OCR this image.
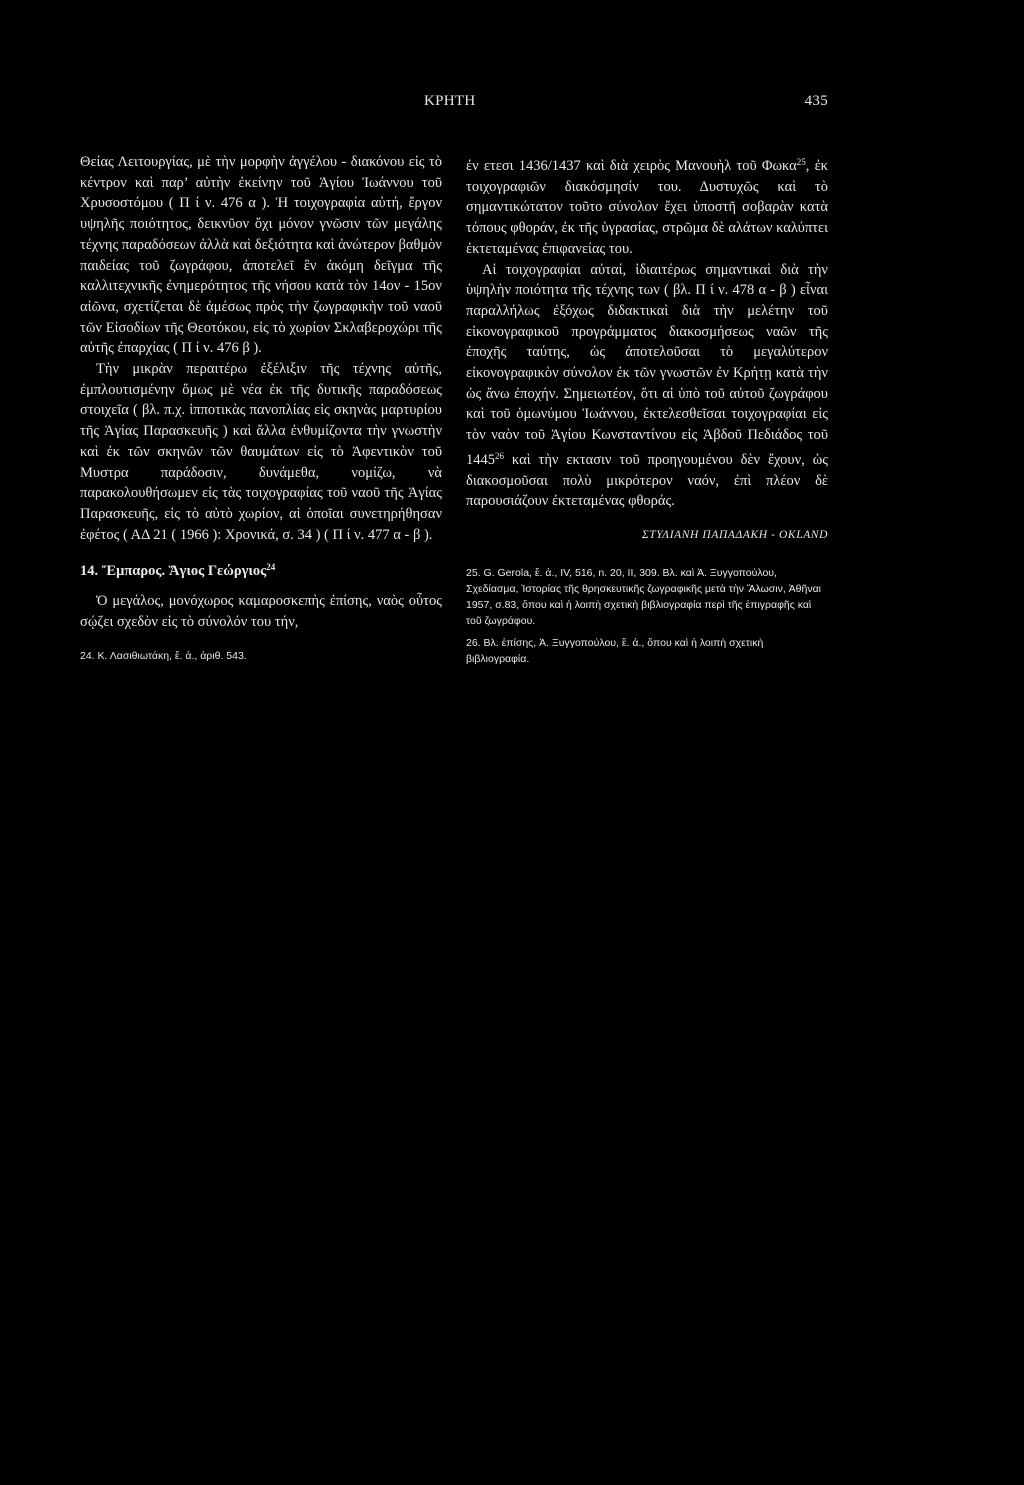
ΚΡΗΤΗ	435

Θείας Λειτουργίας, μὲ τὴν μορφὴν ἀγγέλου - διακόνου εἰς τὸ κέντρον καὶ παρ’ αὐτὴν ἐκείνην τοῦ Ἁγίου Ἰωάννου τοῦ Χρυσοστόμου ( Π ί ν. 476 α ). Ἡ τοιχογραφία αὐτή, ἔργον υψηλῆς ποιότητος, δεικνῦον ὄχι μόνον γνῶσιν τῶν μεγάλης τέχνης παραδόσεων ἀλλὰ καὶ δεξιότητα καὶ ἀνώτερον βαθμὸν παιδείας τοῦ ζωγράφου, ἀποτελεῖ ἓν ἀκόμη δεῖγμα τῆς καλλιτεχνικῆς ἐνημερότητος τῆς νήσου κατὰ τὸν 14ον - 15ον αἰῶνα, σχετίζεται δὲ ἀμέσως πρὸς τὴν ζωγραφικὴν τοῦ ναοῦ τῶν Εἰσοδίων τῆς Θεοτόκου, εἰς τὸ χωρίον Σκλαβεροχώρι τῆς αὐτῆς ἐπαρχίας ( Π ί ν. 476 β ).

Τὴν μικρὰν περαιτέρω ἐξέλιξιν τῆς τέχνης αὐτῆς, ἐμπλουτισμένην ὅμως μὲ νέα ἐκ τῆς δυτικῆς παραδόσεως στοιχεῖα ( βλ. π.χ. ἱπποτικὰς πανοπλίας εἰς σκηνὰς μαρτυρίου τῆς Ἁγίας Παρασκευῆς ) καὶ ἄλλα ἐνθυμίζοντα τὴν γνωστὴν καὶ ἐκ τῶν σκηνῶν τῶν θαυμάτων εἰς τὸ Ἀφεντικὸν τοῦ Μυστρα παράδοσιν, δυνάμεθα, νομίζω, νὰ παρακολουθήσωμεν εἰς τὰς τοιχογραφίας τοῦ ναοῦ τῆς Ἁγίας Παρασκευῆς, εἰς τὸ αὐτὸ χωρίον, αἱ ὁποῖαι συνετηρήθησαν ἐφέτος ( ΑΔ 21 ( 1966 ): Χρονικά, σ. 34 ) ( Π ί ν. 477 α - β ).

14. Ἔμπαρος. Ἅγιος Γεώργιος$^{24}$

Ὁ μεγάλος, μονόχωρος καμαροσκεπὴς ἐπίσης, ναὸς οὗτος σῴζει σχεδὸν εἰς τὸ σύνολόν του τήν,

24. Κ. Λασιθιωτάκη, ἔ. ἀ., ἀριθ. 543.

ἐν ετεσι 1436/1437 καὶ διὰ χειρὸς Μανουὴλ τοῦ Φωκα$^{25}$, ἐκ τοιχογραφιῶν διακόσμησίν του. Δυστυχῶς καὶ τὸ σημαντικώτατον τοῦτο σύνολον ἔχει ὑποστῆ σοβαρὰν κατὰ τόπους φθοράν, ἐκ τῆς ὑγρασίας, στρῶμα δὲ αλάτων καλύπτει ἐκτεταμένας ἐπιφανείας του.

Αἱ τοιχογραφίαι αὐταί, ἰδιαιτέρως σημαντικαὶ διὰ τὴν ὑψηλὴν ποιότητα τῆς τέχνης των ( βλ. Π ί ν. 478 α - β ) εἶναι παραλλήλως ἐξόχως διδακτικαὶ διὰ τὴν μελέτην τοῦ εἰκονογραφικοῦ προγράμματος διακοσμήσεως ναῶν τῆς ἐποχῆς ταύτης, ὡς ἀποτελοῦσαι τὸ μεγαλύτερον εἰκονογραφικὸν σύνολον ἐκ τῶν γνωστῶν ἐν Κρήτῃ κατὰ τὴν ὡς ἄνω ἐποχήν. Σημειωτέον, ὅτι αἱ ὑπὸ τοῦ αὐτοῦ ζωγράφου καὶ τοῦ ὁμωνύμου Ἰωάννου, ἐκτελεσθεῖσαι τοιχογραφίαι εἰς τὸν ναὸν τοῦ Ἁγίου Κωνσταντίνου εἰς Ἀβδοῦ Πεδιάδος τοῦ 1445$^{26}$ καὶ τὴν εκτασιν τοῦ προηγουμένου δὲν ἔχουν, ὡς διακοσμοῦσαι πολὺ μικρότερον ναόν, ἐπὶ πλέον δὲ παρουσιάζουν ἐκτεταμένας φθοράς.

ΣΤΥΛΙΑΝΗ ΠΑΠΑΔΑΚΗ - OKLAND

25. G. Gerola, ἔ. ἀ., IV, 516, n. 20, II, 309. Βλ. καὶ Ἀ. Ξυγγοπούλου, Σχεδίασμα, Ἱστορίας τῆς θρησκευτικῆς ζωγραφικῆς μετὰ τὴν Ἅλωσιν, Ἀθῆναι 1957, σ.83, ὅπου καὶ ἡ λοιπὴ σχετικὴ βιβλιογραφία περὶ τῆς ἐπιγραφῆς καὶ τοῦ ζωγράφου.

26. Βλ. ἐπίσης, Ἀ. Ξυγγοπούλου, ἔ. ἀ., ὅπου καὶ ἡ λοιπὴ σχετικὴ βιβλιογραφία.
